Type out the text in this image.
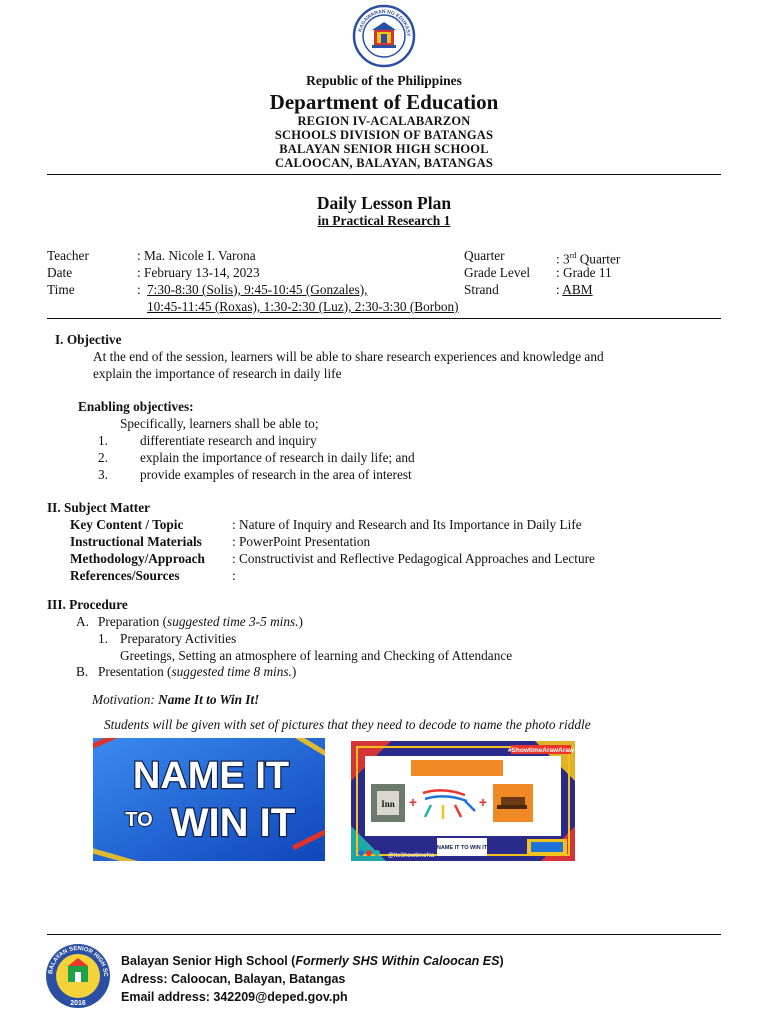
KAGAWARAN NG EDUKASY
Republic of the Philippines
Department of Education
REGION IV-ACALABARZON
SCHOOLS DIVISION OF BATANGAS
BALAYAN SENIOR HIGH SCHOOL
CALOOCAN, BALAYAN, BATANGAS
Daily Lesson Plan
in Practical Research 1
Teacher	: Ma. Nicole I. Varona
Date	: February 13-14, 2023
Time	: 7:30-8:30 (Solis), 9:45-10:45 (Gonzales),
10:45-11:45 (Roxas), 1:30-2:30 (Luz), 2:30-3:30 (Borbon)
Quarter	: 3rd Quarter
Grade Level : Grade 11
Strand	: ABM
I. Objective
At the end of the session, learners will be able to share research experiences and knowledge and
explain the importance of research in daily life
Enabling objectives:
Specifically, learners shall be able to;
1. differentiate research and inquiry
2. explain the importance of research in daily life; and
3. provide examples of research in the area of interest
II. Subject Matter
Key Content / Topic	: Nature of Inquiry and Research and Its Importance in Daily Life
Instructional Materials : PowerPoint Presentation
Methodology/Approach : Constructivist and Reflective Pedagogical Approaches and Lecture
References/Sources	:
III. Procedure
A. Preparation (suggested time 3-5 mins.)
1. Preparatory Activities
Greetings, Setting an atmosphere of learning and Checking of Attendance
B. Presentation (suggested time 8 mins.)
Motivation: Name It to Win It!
Students will be given with set of pictures that they need to decode to name the photo riddle
NAME IT
TO WIN IT
#ShowtimeArawAraw
Inn +	+
NAME IT TO WIN IT
@ItsShowtimeNa
BALAYAN SENIOR HIGH SC
2016
Balayan Senior High School (Formerly SHS Within Caloocan ES)
Adress: Caloocan, Balayan, Batangas
Email address: 342209@deped.gov.ph
